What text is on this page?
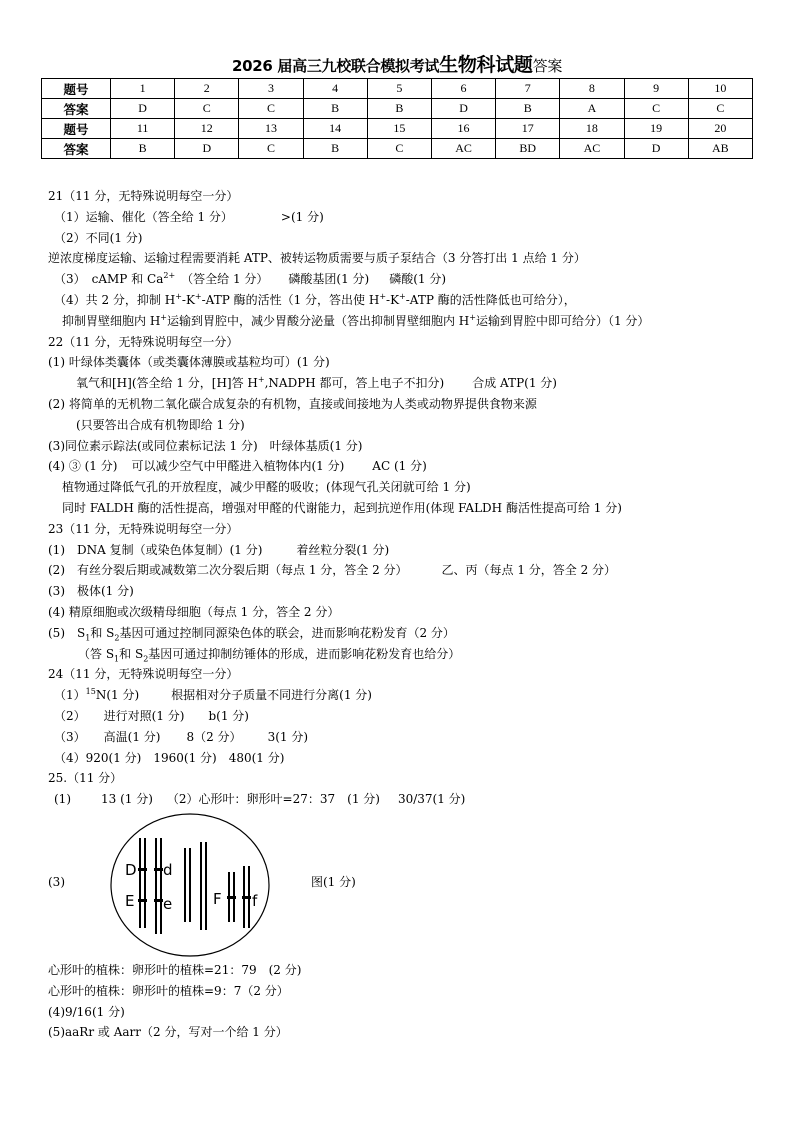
2026 届高三九校联合模拟考试生物科试题答案
题号	1	2	3	4	5	6	7	8	9	10
答案	D	C	C	B	B	D	B	A	C	C
题号	11	12	13	14	15	16	17	18	19	20
答案	B	D	C	B	C	AC	BD	AC	D	AB
21（11 分，无特殊说明每空一分）
（1）运输、催化（答全给 1 分）	>(1 分)
（2）不同(1 分)
逆浓度梯度运输、运输过程需要消耗 ATP、被转运物质需要与质子泵结合（3 分答打出 1 点给 1 分）
（3）　cAMP 和 $Ca^{2+}$ （答全给 1 分） 磷酸基团(1 分) 磷酸(1 分)
（4）共 2 分，抑制 H+-K+-ATP 酶的活性（1 分，答出使 H+-K+-ATP 酶的活性降低也可给分），
抑制胃壁细胞内 H+运输到胃腔中，减少胃酸分泌量（答出抑制胃壁细胞内 H+运输到胃腔中即可给分）（1 分）
22（11 分，无特殊说明每空一分）
(1) 叶绿体类囊体（或类囊体薄膜或基粒均可）(1 分)
氧气和[H](答全给 1 分，[H]答 H+,NADPH 都可，答上电子不扣分) 合成 ATP(1 分)
(2) 将简单的无机物二氧化碳合成复杂的有机物，直接或间接地为人类或动物界提供食物来源
(只要答出合成有机物即给 1 分)
(3)同位素示踪法(或同位素标记法 1 分) 叶绿体基质(1 分)
(4) ③ (1 分) 可以减少空气中甲醛进入植物体内(1 分) AC (1 分)
植物通过降低气孔的开放程度，减少甲醛的吸收；(体现气孔关闭就可给 1 分)
同时 FALDH 酶的活性提高，增强对甲醛的代谢能力，起到抗逆作用(体现 FALDH 酶活性提高可给 1 分)
23（11 分，无特殊说明每空一分）
(1)　DNA 复制（或染色体复制）(1 分)	着丝粒分裂(1 分)
(2)　有丝分裂后期或减数第二次分裂后期（每点 1 分，答全 2 分）	乙、丙（每点 1 分，答全 2 分）
(3)　极体(1 分)
(4) 精原细胞或次级精母细胞（每点 1 分，答全 2 分）
(5)　$S_1$和 $S_2$基因可通过控制同源染色体的联会，进而影响花粉发育（2 分）
（答 $S_1$和 $S_2$基因可通过抑制纺锤体的形成，进而影响花粉发育也给分）
24（11 分，无特殊说明每空一分）
$(1)^{15}N(1$ 分)	根据相对分子质量不同进行分离(1 分)
（2） 进行对照(1 分) b(1 分)
（3） 高温(1 分) 8（2 分） 3(1 分)
（4）920(1 分) 1960(1 分) 480(1 分)
25.（11 分）
(1)	13 (1 分) （2）心形叶：卵形叶=27：37　(1 分) 30/37(1 分)
(3)
D d
E e	F f
图(1 分)
心形叶的植株：卵形叶的植株=21：79　(2 分)
心形叶的植株：卵形叶的植株=9：7（2 分）
(4)9/16(1 分)
(5)aaRr 或 Aarr（2 分，写对一个给 1 分）
